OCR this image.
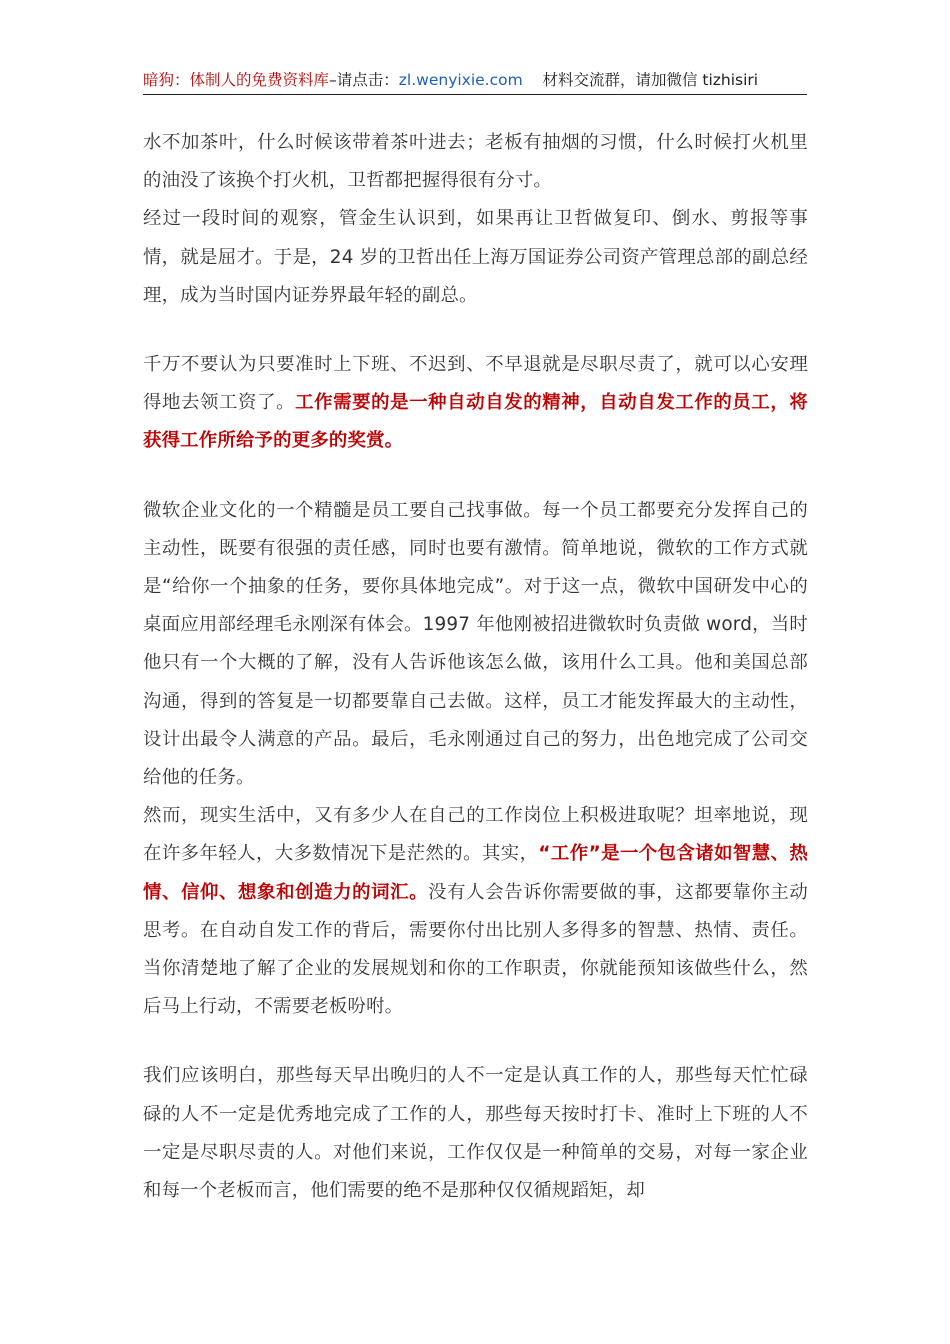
暗狗：体制人的免费资料库–请点击：zl.wenyixie.com 材料交流群，请加微信 tizhisiri

水不加茶叶，什么时候该带着茶叶进去；老板有抽烟的习惯，什么时候打火机里的油没了该换个打火机，卫哲都把握得很有分寸。

经过一段时间的观察，管金生认识到，如果再让卫哲做复印、倒水、剪报等事情，就是屈才。于是，24 岁的卫哲出任上海万国证券公司资产管理总部的副总经理，成为当时国内证券界最年轻的副总。

千万不要认为只要准时上下班、不迟到、不早退就是尽职尽责了，就可以心安理得地去领工资了。工作需要的是一种自动自发的精神，自动自发工作的员工，将获得工作所给予的更多的奖赏。

微软企业文化的一个精髓是员工要自己找事做。每一个员工都要充分发挥自己的主动性，既要有很强的责任感，同时也要有激情。简单地说，微软的工作方式就是“给你一个抽象的任务，要你具体地完成”。对于这一点，微软中国研发中心的桌面应用部经理毛永刚深有体会。1997 年他刚被招进微软时负责做 word，当时他只有一个大概的了解，没有人告诉他该怎么做，该用什么工具。他和美国总部沟通，得到的答复是一切都要靠自己去做。这样，员工才能发挥最大的主动性，设计出最令人满意的产品。最后，毛永刚通过自己的努力，出色地完成了公司交给他的任务。

然而，现实生活中，又有多少人在自己的工作岗位上积极进取呢？坦率地说，现在许多年轻人，大多数情况下是茫然的。其实，“工作”是一个包含诸如智慧、热情、信仰、想象和创造力的词汇。没有人会告诉你需要做的事，这都要靠你主动思考。在自动自发工作的背后，需要你付出比别人多得多的智慧、热情、责任。当你清楚地了解了企业的发展规划和你的工作职责，你就能预知该做些什么，然后马上行动，不需要老板吩咐。

我们应该明白，那些每天早出晚归的人不一定是认真工作的人，那些每天忙忙碌碌的人不一定是优秀地完成了工作的人，那些每天按时打卡、准时上下班的人不一定是尽职尽责的人。对他们来说，工作仅仅是一种简单的交易，对每一家企业和每一个老板而言，他们需要的绝不是那种仅仅循规蹈矩，却
